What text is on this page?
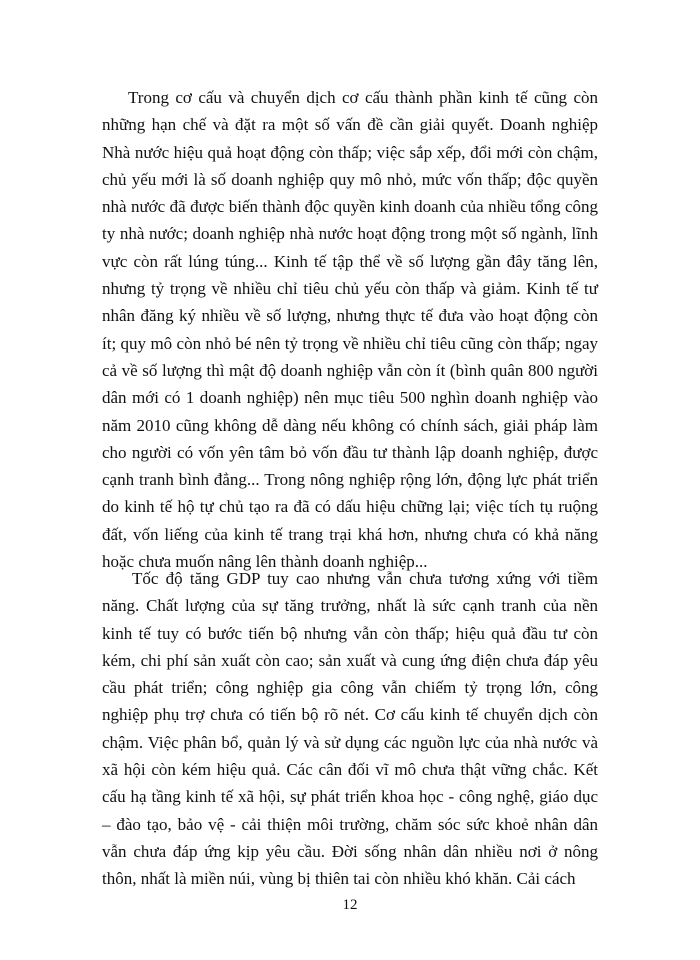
Trong cơ cấu và chuyển dịch cơ cấu thành phần kinh tế cũng còn những hạn chế và đặt ra một số vấn đề cần giải quyết. Doanh nghiệp Nhà nước hiệu quả hoạt động còn thấp; việc sắp xếp, đổi mới còn chậm, chủ yếu mới là số doanh nghiệp quy mô nhỏ, mức vốn thấp; độc quyền nhà nước đã được biến thành độc quyền kinh doanh của nhiều tổng công ty nhà nước; doanh nghiệp nhà nước hoạt động trong một số ngành, lĩnh vực còn rất lúng túng... Kinh tế tập thể về số lượng gần đây tăng lên, nhưng tỷ trọng về nhiều chỉ tiêu chủ yếu còn thấp và giảm. Kinh tế tư nhân đăng ký nhiều về số lượng, nhưng thực tế đưa vào hoạt động còn ít; quy mô còn nhỏ bé nên tỷ trọng về nhiều chỉ tiêu cũng còn thấp; ngay cả về số lượng thì mật độ doanh nghiệp vẫn còn ít (bình quân 800 người dân mới có 1 doanh nghiệp) nên mục tiêu 500 nghìn doanh nghiệp vào năm 2010 cũng không dễ dàng nếu không có chính sách, giải pháp làm cho người có vốn yên tâm bỏ vốn đầu tư thành lập doanh nghiệp, được cạnh tranh bình đẳng... Trong nông nghiệp rộng lớn, động lực phát triển do kinh tế hộ tự chủ tạo ra đã có dấu hiệu chững lại; việc tích tụ ruộng đất, vốn liếng của kinh tế trang trại khá hơn, nhưng chưa có khả năng hoặc chưa muốn nâng lên thành doanh nghiệp...

Tốc độ tăng GDP tuy cao nhưng vẫn chưa tương xứng với tiềm năng. Chất lượng của sự tăng trưởng, nhất là sức cạnh tranh của nền kinh tế tuy có bước tiến bộ nhưng vẫn còn thấp; hiệu quả đầu tư còn kém, chi phí sản xuất còn cao; sản xuất và cung ứng điện chưa đáp yêu cầu phát triển; công nghiệp gia công vẫn chiếm tỷ trọng lớn, công nghiệp phụ trợ chưa có tiến bộ rõ nét. Cơ cấu kinh tế chuyển dịch còn chậm. Việc phân bổ, quản lý và sử dụng các nguồn lực của nhà nước và xã hội còn kém hiệu quả. Các cân đối vĩ mô chưa thật vững chắc. Kết cấu hạ tầng kinh tế xã hội, sự phát triển khoa học - công nghệ, giáo dục – đào tạo, bảo vệ - cải thiện môi trường, chăm sóc sức khoẻ nhân dân vẫn chưa đáp ứng kịp yêu cầu. Đời sống nhân dân nhiều nơi ở nông thôn, nhất là miền núi, vùng bị thiên tai còn nhiều khó khăn. Cải cách

12
